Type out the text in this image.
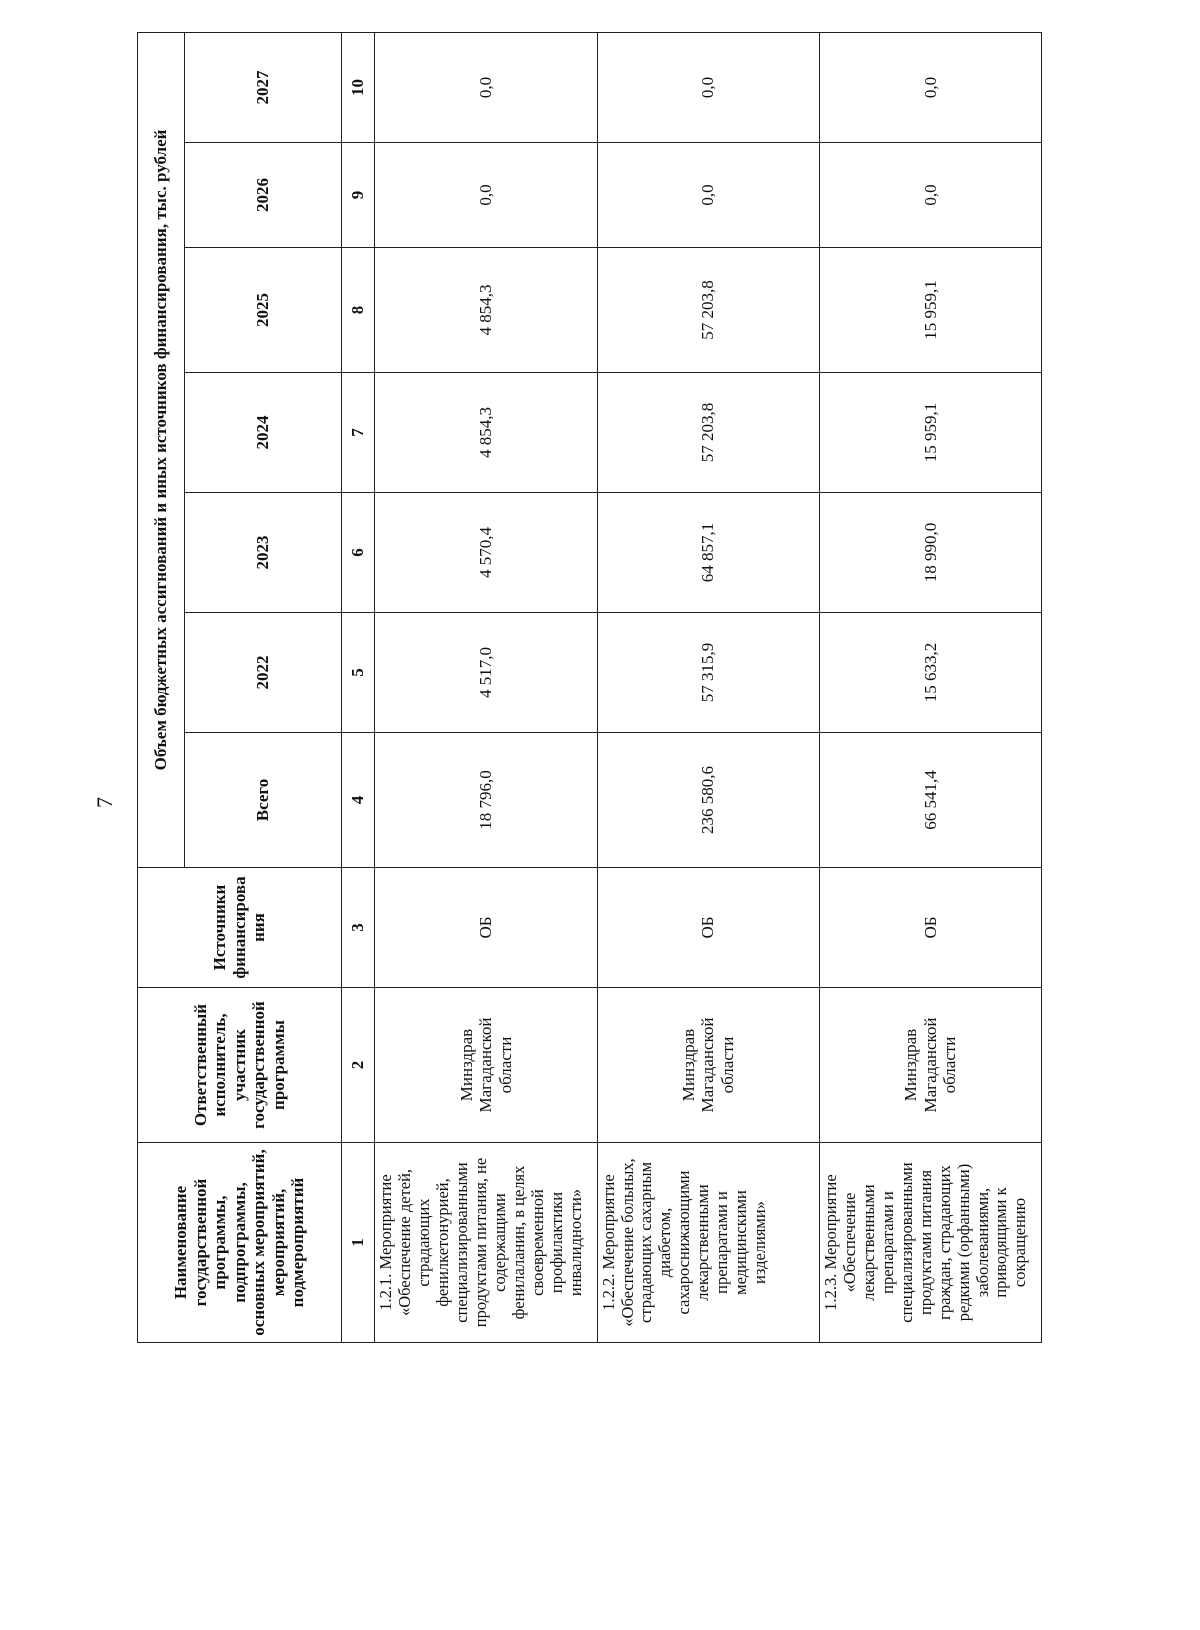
7
Наименование государственной программы, подпрограммы, основных мероприятий, мероприятий, подмероприятий	Ответственный исполнитель, участник государственной программы	Источники финансирова ния	Объем бюджетных ассигнований и иных источников финансирования, тыс. рублей						
			Всего	2022	2023	2024	2025	2026	2027
1	2	3	4	5	6	7	8	9	10
1.2.1. Мероприятие «Обеспечение детей, страдающих фенилкетонурией, специализированными продуктами питания, не содержащими фенилаланин, в целях своевременной профилактики инвалидности»	Минздрав Магаданской области	ОБ	18 796,0	4 517,0	4 570,4	4 854,3	4 854,3	0,0	0,0
1.2.2. Мероприятие «Обеспечение больных, страдающих сахарным диабетом, сахароснижающими лекарственными препаратами и медицинскими изделиями»	Минздрав Магаданской области	ОБ	236 580,6	57 315,9	64 857,1	57 203,8	57 203,8	0,0	0,0
1.2.3. Мероприятие «Обеспечение лекарственными препаратами и специализированными продуктами питания граждан, страдающих редкими (орфанными) заболеваниями, приводящими к сокращению	Минздрав Магаданской области	ОБ	66 541,4	15 633,2	18 990,0	15 959,1	15 959,1	0,0	0,0
